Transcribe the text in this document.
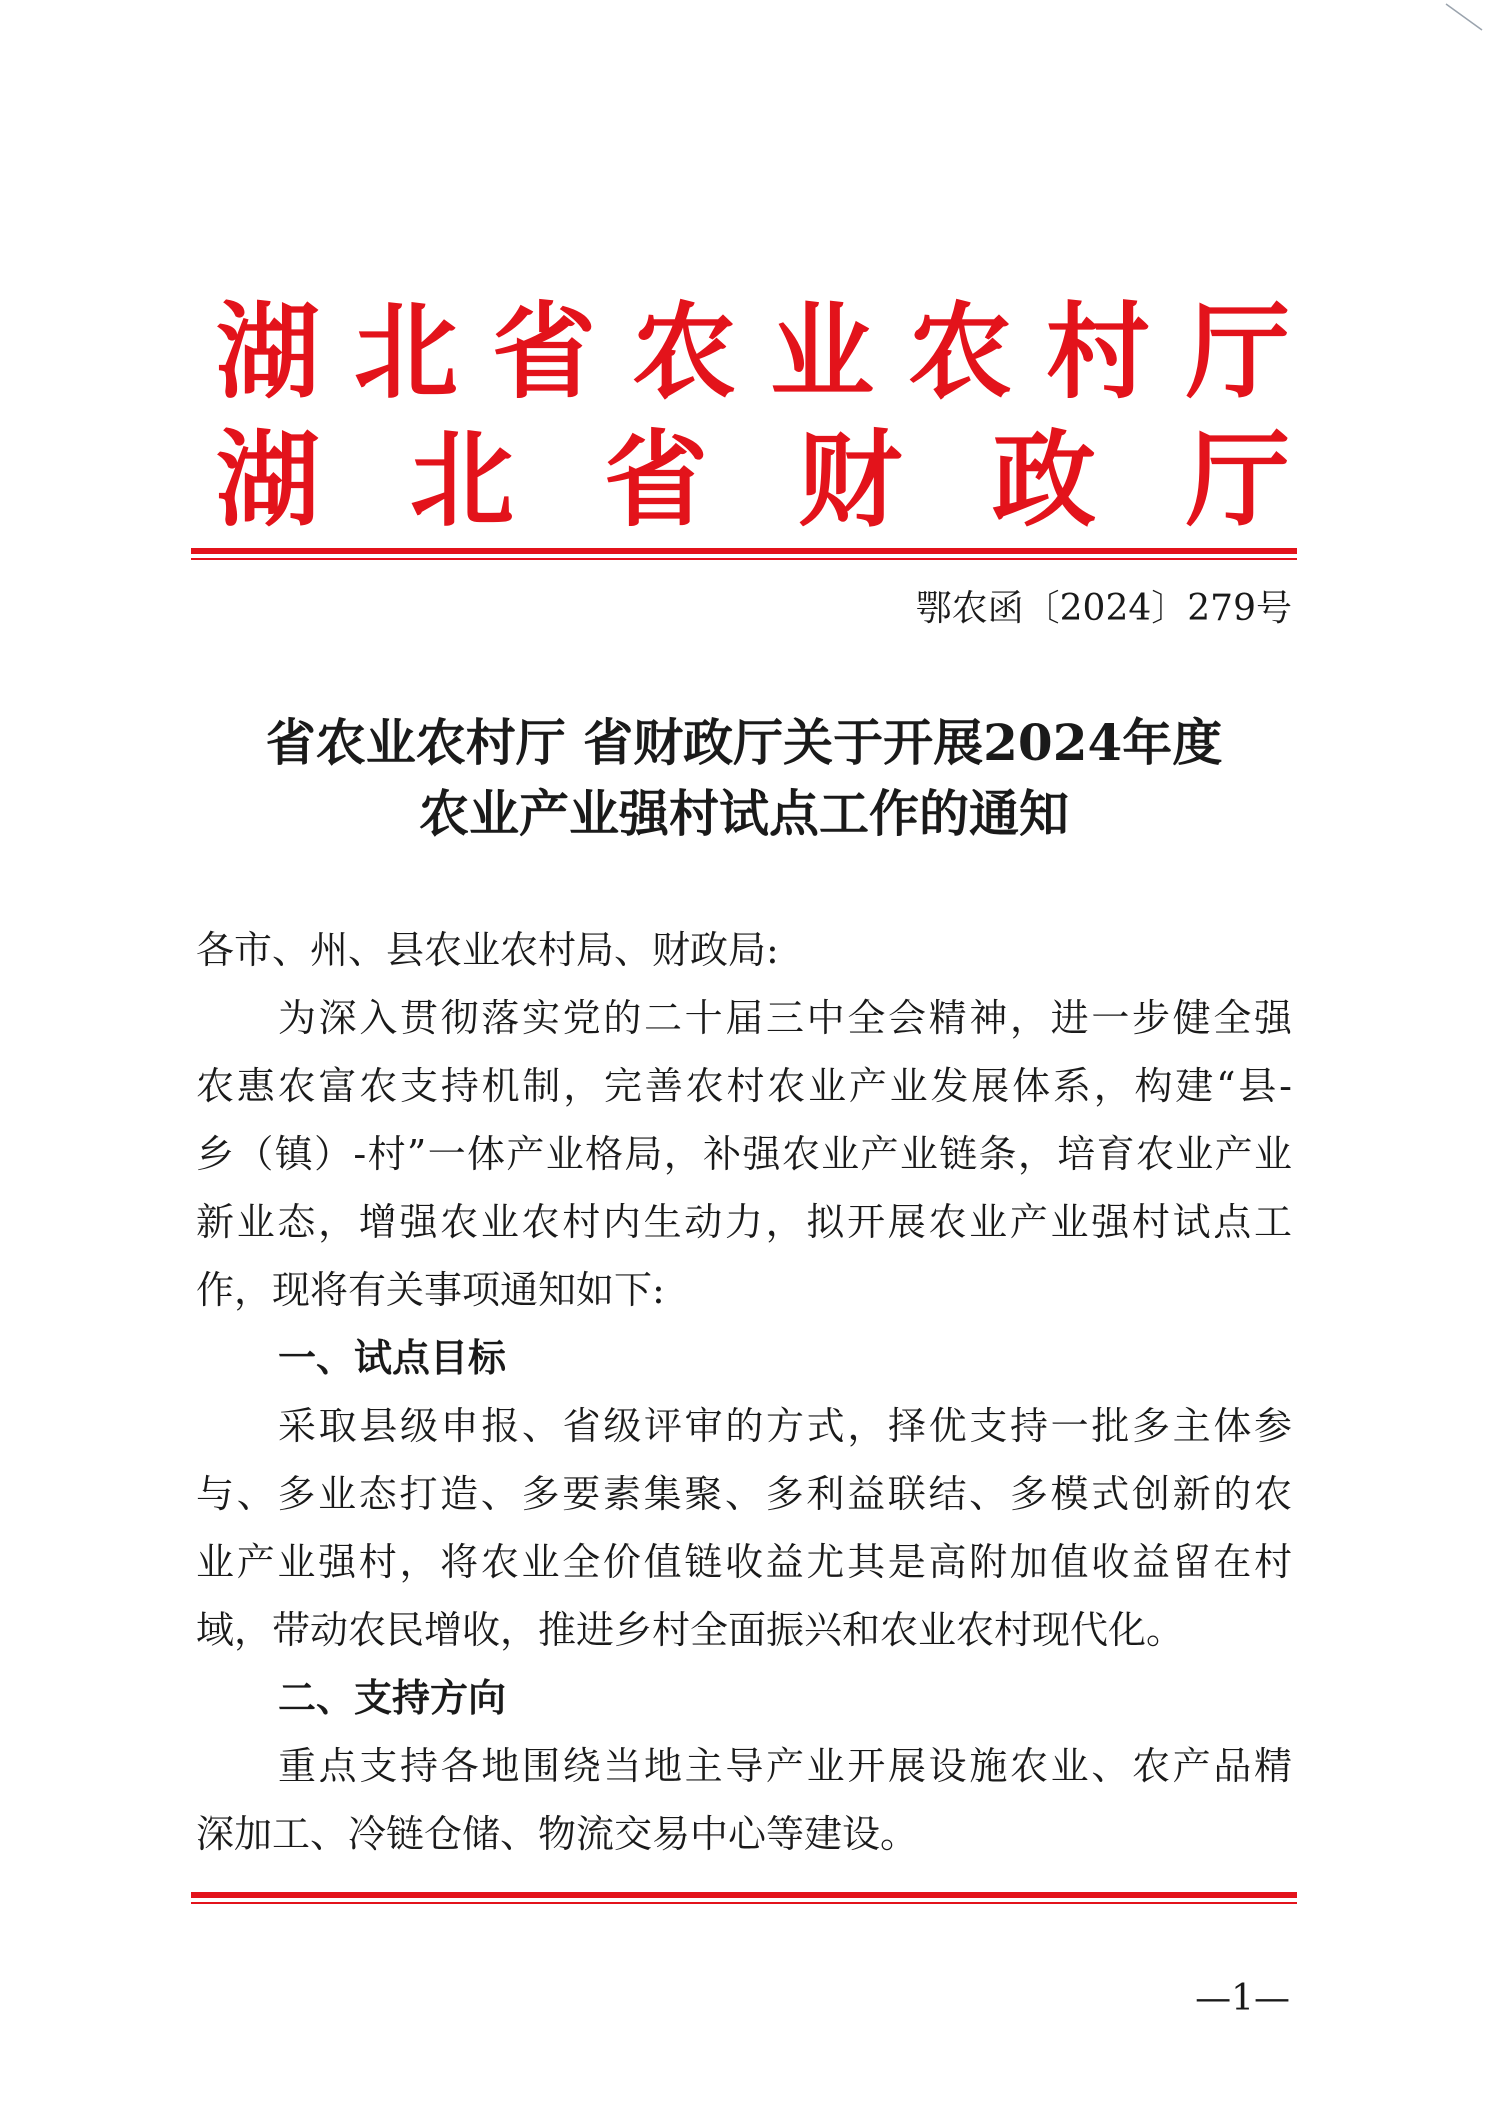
湖 北 省 农 业 农 村 厅
湖 北 省 财 政 厅
鄂农函〔2024〕279号
省农业农村厅 省财政厅关于开展2024年度
农业产业强村试点工作的通知
各市、州、县农业农村局、财政局:
为深入贯彻落实党的二十届三中全会精神，进一步健全强
农惠农富农支持机制，完善农村农业产业发展体系，构建“县-
乡（镇）-村”一体产业格局，补强农业产业链条，培育农业产业
新业态，增强农业农村内生动力，拟开展农业产业强村试点工
作，现将有关事项通知如下:
一、试点目标
采取县级申报、省级评审的方式，择优支持一批多主体参
与、多业态打造、多要素集聚、多利益联结、多模式创新的农
业产业强村，将农业全价值链收益尤其是高附加值收益留在村
域，带动农民增收，推进乡村全面振兴和农业农村现代化。
二、支持方向
重点支持各地围绕当地主导产业开展设施农业、农产品精
深加工、冷链仓储、物流交易中心等建设。
—1—
